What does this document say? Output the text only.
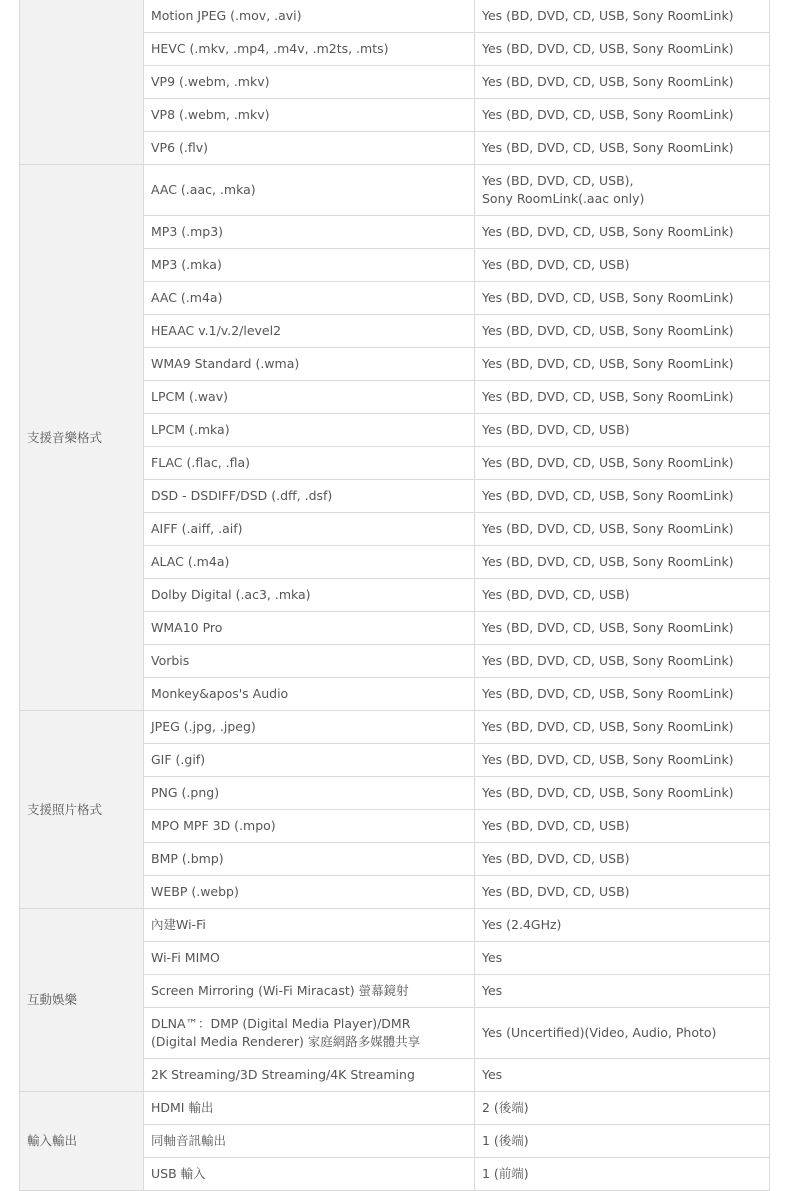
	Motion JPEG (.mov, .avi)	Yes (BD, DVD, CD, USB, Sony RoomLink)

	HEVC (.mkv, .mp4, .m4v, .m2ts, .mts)	Yes (BD, DVD, CD, USB, Sony RoomLink)

	VP9 (.webm, .mkv)	Yes (BD, DVD, CD, USB, Sony RoomLink)

	VP8 (.webm, .mkv)	Yes (BD, DVD, CD, USB, Sony RoomLink)

	VP6 (.flv)	Yes (BD, DVD, CD, USB, Sony RoomLink)

支援音樂格式	AAC (.aac, .mka)	Yes (BD, DVD, CD, USB),
Sony RoomLink(.aac only)

	MP3 (.mp3)	Yes (BD, DVD, CD, USB, Sony RoomLink)

	MP3 (.mka)	Yes (BD, DVD, CD, USB)

	AAC (.m4a)	Yes (BD, DVD, CD, USB, Sony RoomLink)

	HEAAC v.1/v.2/level2	Yes (BD, DVD, CD, USB, Sony RoomLink)

	WMA9 Standard (.wma)	Yes (BD, DVD, CD, USB, Sony RoomLink)

	LPCM (.wav)	Yes (BD, DVD, CD, USB, Sony RoomLink)

	LPCM (.mka)	Yes (BD, DVD, CD, USB)

	FLAC (.flac, .fla)	Yes (BD, DVD, CD, USB, Sony RoomLink)

	DSD - DSDIFF/DSD (.dff, .dsf)	Yes (BD, DVD, CD, USB, Sony RoomLink)

	AIFF (.aiff, .aif)	Yes (BD, DVD, CD, USB, Sony RoomLink)

	ALAC (.m4a)	Yes (BD, DVD, CD, USB, Sony RoomLink)

	Dolby Digital (.ac3, .mka)	Yes (BD, DVD, CD, USB)

	WMA10 Pro	Yes (BD, DVD, CD, USB, Sony RoomLink)

	Vorbis	Yes (BD, DVD, CD, USB, Sony RoomLink)

	Monkey&apos's Audio	Yes (BD, DVD, CD, USB, Sony RoomLink)

支援照片格式	JPEG (.jpg, .jpeg)	Yes (BD, DVD, CD, USB, Sony RoomLink)

	GIF (.gif)	Yes (BD, DVD, CD, USB, Sony RoomLink)

	PNG (.png)	Yes (BD, DVD, CD, USB, Sony RoomLink)

	MPO MPF 3D (.mpo)	Yes (BD, DVD, CD, USB)

	BMP (.bmp)	Yes (BD, DVD, CD, USB)

	WEBP (.webp)	Yes (BD, DVD, CD, USB)

互動娛樂	內建Wi-Fi	Yes (2.4GHz)

	Wi-Fi MIMO	Yes

	Screen Mirroring (Wi-Fi Miracast) 螢幕鏡射	Yes

	DLNA™：DMP (Digital Media Player)/DMR
(Digital Media Renderer) 家庭網路多媒體共享	Yes (Uncertified)(Video, Audio, Photo)

	2K Streaming/3D Streaming/4K Streaming	Yes

輸入輸出	HDMI 輸出	2 (後端)

	同軸音訊輸出	1 (後端)

	USB 輸入	1 (前端)
